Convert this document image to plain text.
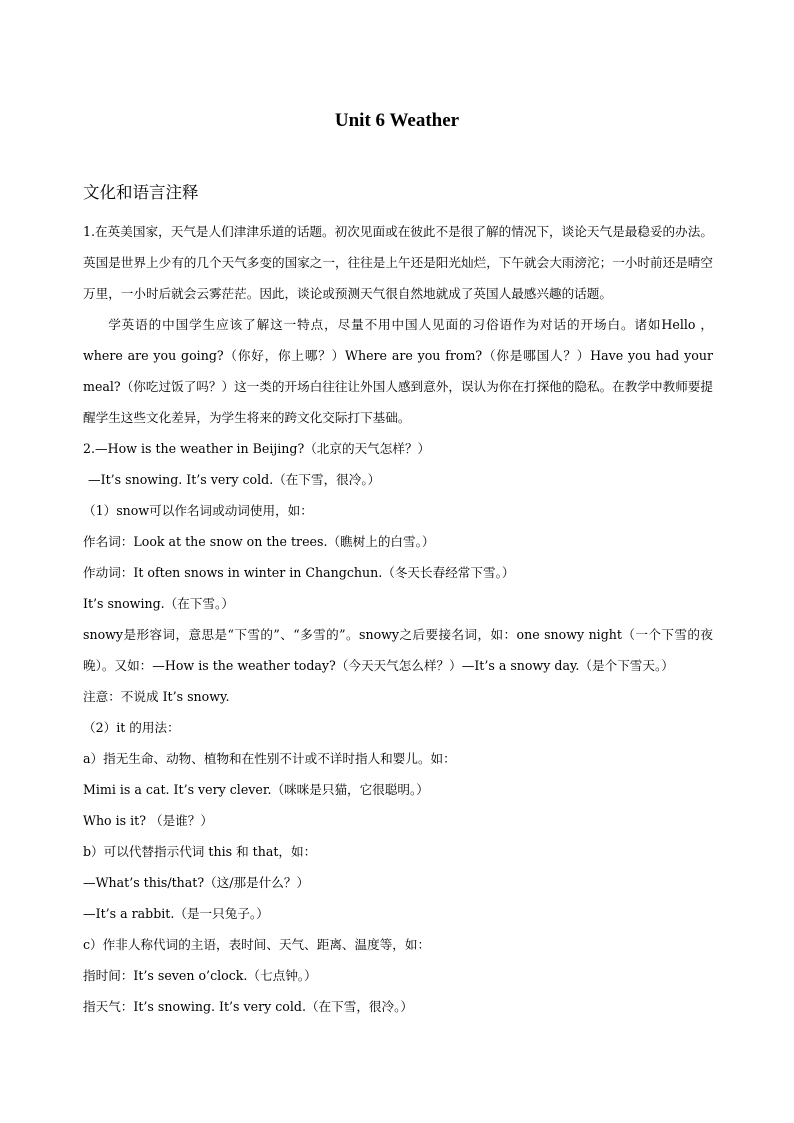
Unit 6 Weather
文化和语言注释

1.在英美国家，天气是人们津津乐道的话题。初次见面或在彼此不是很了解的情况下，谈论天气是最稳妥的办法。英国是世界上少有的几个天气多变的国家之一，往往是上午还是阳光灿烂，下午就会大雨滂沱；一小时前还是晴空万里，一小时后就会云雾茫茫。因此，谈论或预测天气很自然地就成了英国人最感兴趣的话题。

学英语的中国学生应该了解这一特点，尽量不用中国人见面的习俗语作为对话的开场白。诸如Hello ，where are you going?（你好，你上哪？）Where are you from?（你是哪国人？）Have you had your meal?（你吃过饭了吗？）这一类的开场白往往让外国人感到意外，误认为你在打探他的隐私。在教学中教师要提醒学生这些文化差异，为学生将来的跨文化交际打下基础。

2.—How is the weather in Beijing?（北京的天气怎样？）

—It’s snowing. It’s very cold.（在下雪，很冷。）

（1）snow可以作名词或动词使用，如：

作名词：Look at the snow on the trees.（瞧树上的白雪。）

作动词：It often snows in winter in Changchun.（冬天长春经常下雪。）

It’s snowing.（在下雪。）

snowy是形容词，意思是“下雪的”、“多雪的”。snowy之后要接名词，如：one snowy night（一个下雪的夜晚）。又如：—How is the weather today?（今天天气怎么样？）—It’s a snowy day.（是个下雪天。）

注意：不说成 It’s snowy.

（2）it 的用法：

a）指无生命、动物、植物和在性别不计或不详时指人和婴儿。如：

Mimi is a cat. It’s very clever.（咪咪是只猫，它很聪明。）

Who is it? （是谁？）

b）可以代替指示代词 this 和 that，如：

—What’s this/that?（这/那是什么？）

—It’s a rabbit.（是一只兔子。）

c）作非人称代词的主语，表时间、天气、距离、温度等，如：

指时间：It’s seven o’clock.（七点钟。）

指天气：It’s snowing. It’s very cold.（在下雪，很冷。）
